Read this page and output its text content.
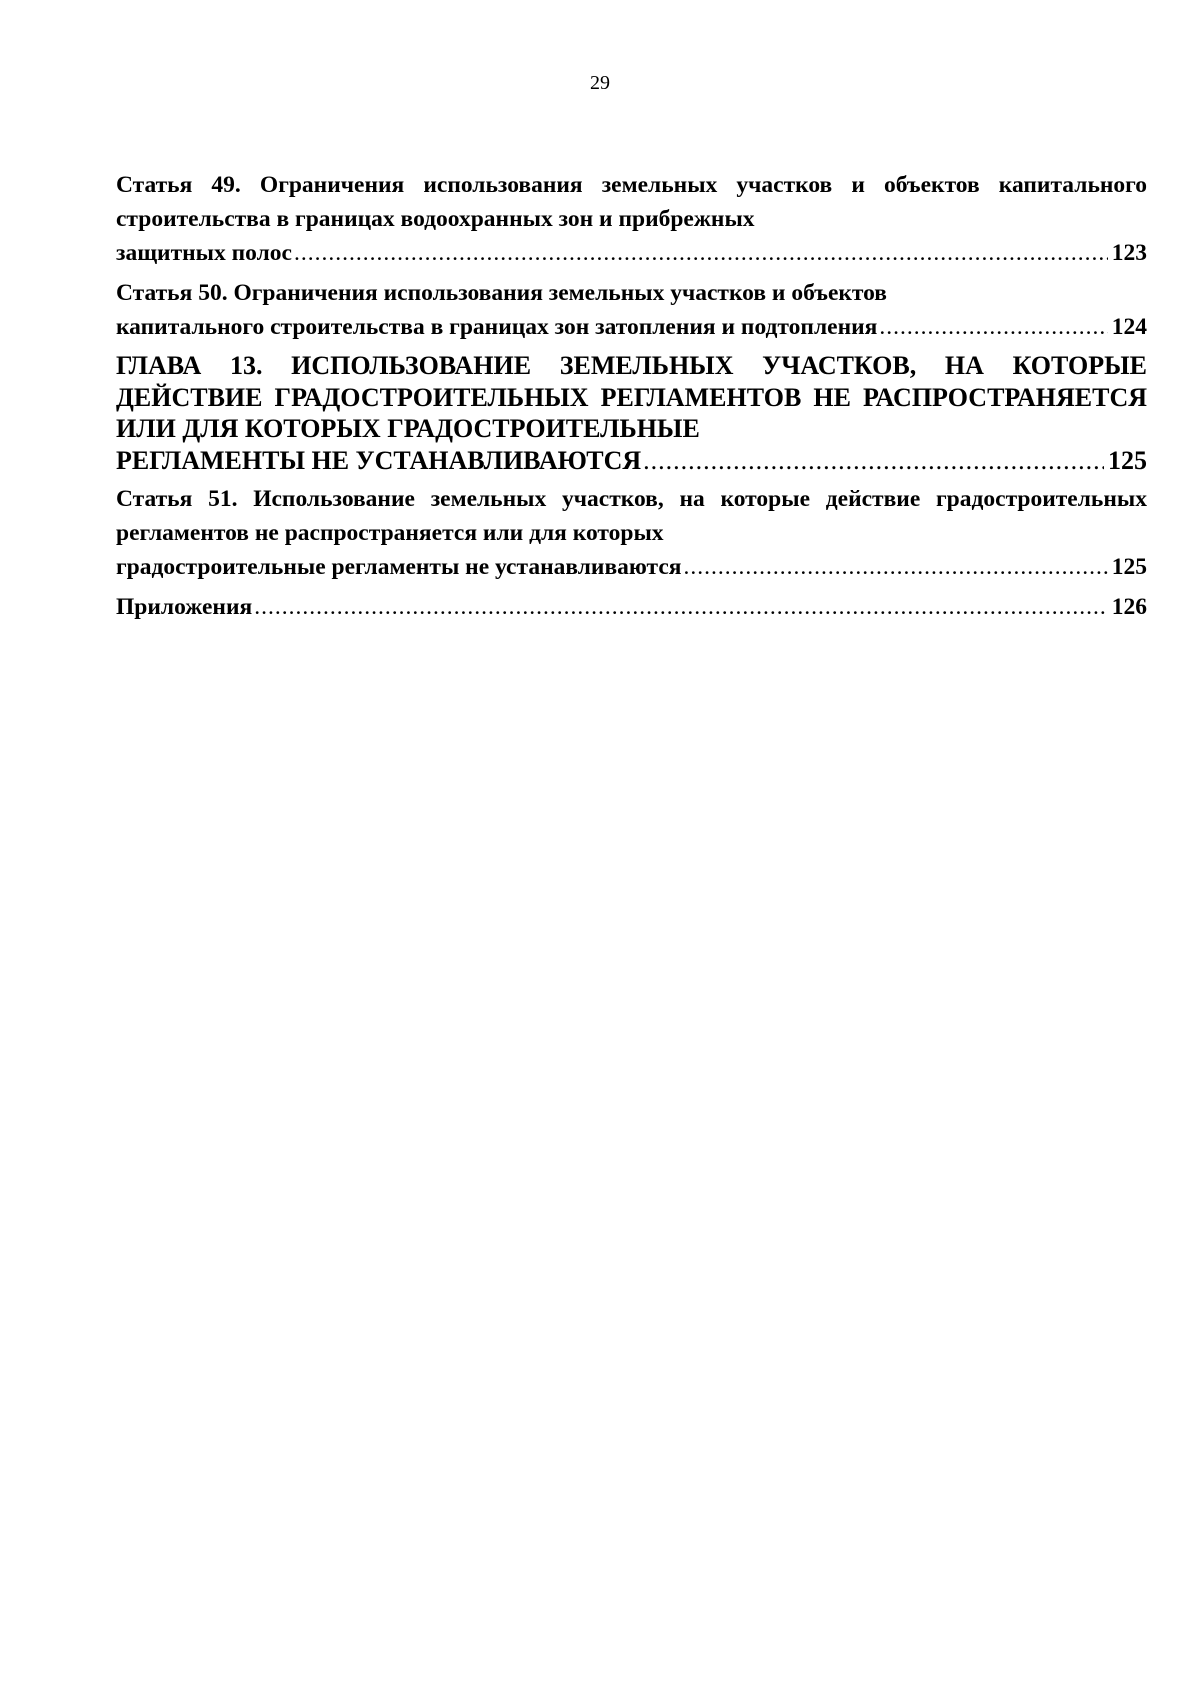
29
Статья 49. Ограничения использования земельных участков и объектов капитального строительства в границах водоохранных зон и прибрежных
защитных полос .....	123
Статья 50. Ограничения использования земельных участков и объектов
капитального строительства в границах зон затопления и подтопления .....	124
ГЛАВА 13. ИСПОЛЬЗОВАНИЕ ЗЕМЕЛЬНЫХ УЧАСТКОВ, НА КОТОРЫЕ ДЕЙСТВИЕ ГРАДОСТРОИТЕЛЬНЫХ РЕГЛАМЕНТОВ НЕ РАСПРОСТРАНЯЕТСЯ ИЛИ ДЛЯ КОТОРЫХ ГРАДОСТРОИТЕЛЬНЫЕ
РЕГЛАМЕНТЫ НЕ УСТАНАВЛИВАЮТСЯ .....	125
Статья 51. Использование земельных участков, на которые действие градостроительных регламентов не распространяется или для которых
градостроительные регламенты не устанавливаются .....	125
Приложения .....	126
